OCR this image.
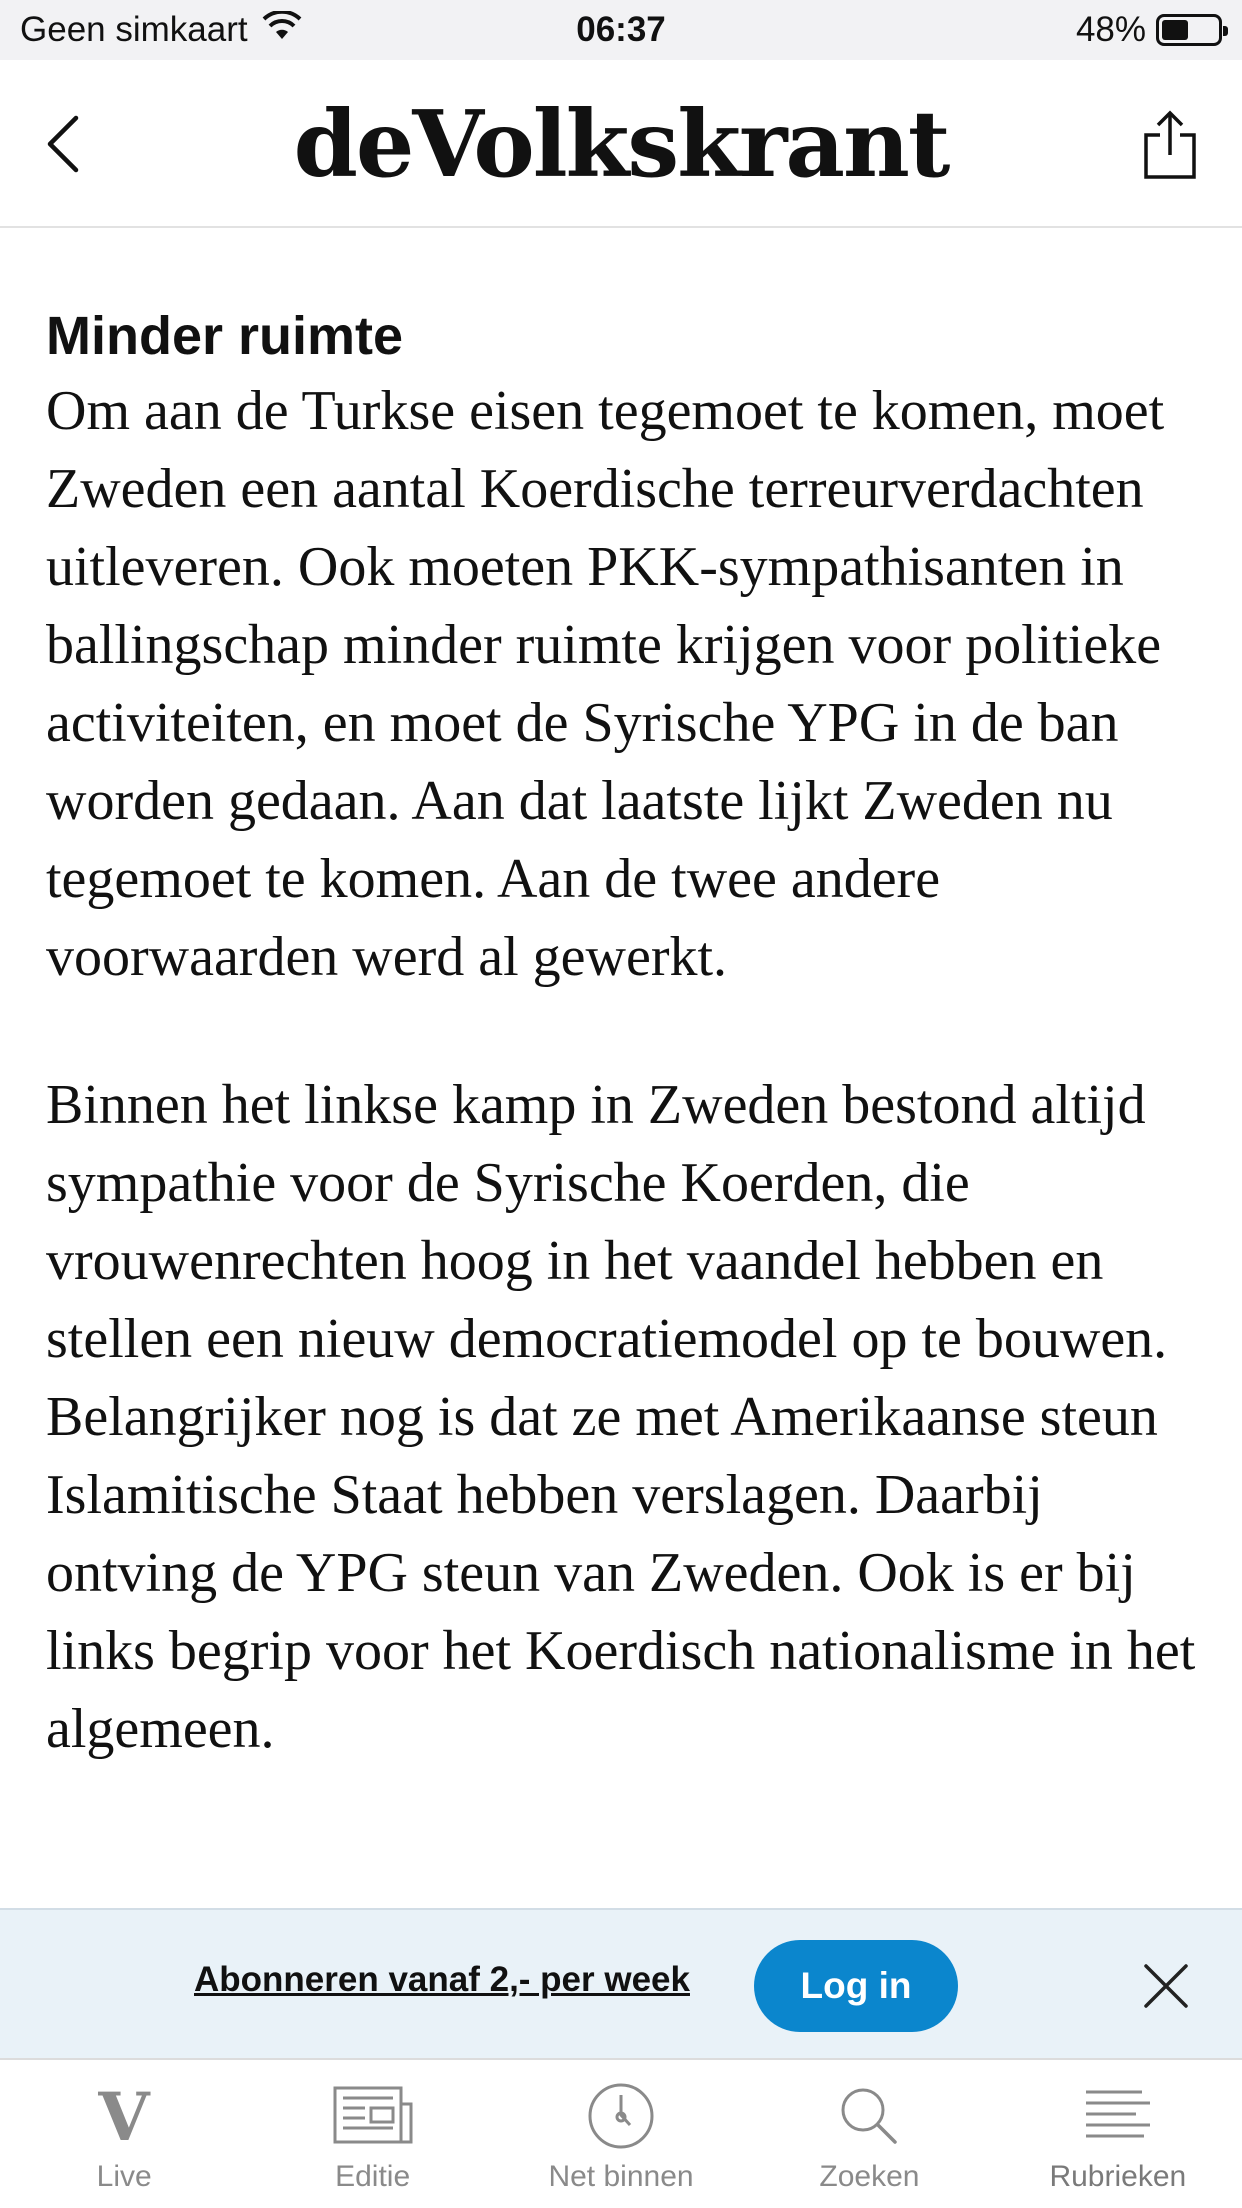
Geen simkaart	06:37	48%
deVolkskrant
Minder ruimte

Om aan de Turkse eisen tegemoet te komen, moet Zweden een aantal Koerdische terreurverdachten uitleveren. Ook moeten PKK-sympathisanten in ballingschap minder ruimte krijgen voor politieke activiteiten, en moet de Syrische YPG in de ban worden gedaan. Aan dat laatste lijkt Zweden nu tegemoet te komen. Aan de twee andere voorwaarden werd al gewerkt.

Binnen het linkse kamp in Zweden bestond altijd sympathie voor de Syrische Koerden, die vrouwenrechten hoog in het vaandel hebben en stellen een nieuw democratiemodel op te bouwen. Belangrijker nog is dat ze met Amerikaanse steun Islamitische Staat hebben verslagen. Daarbij ontving de YPG steun van Zweden. Ook is er bij links begrip voor het Koerdisch nationalisme in het algemeen.

Abonneren vanaf 2,- per week	Log in
V
Live	Editie	Net binnen	Zoeken	Rubrieken
